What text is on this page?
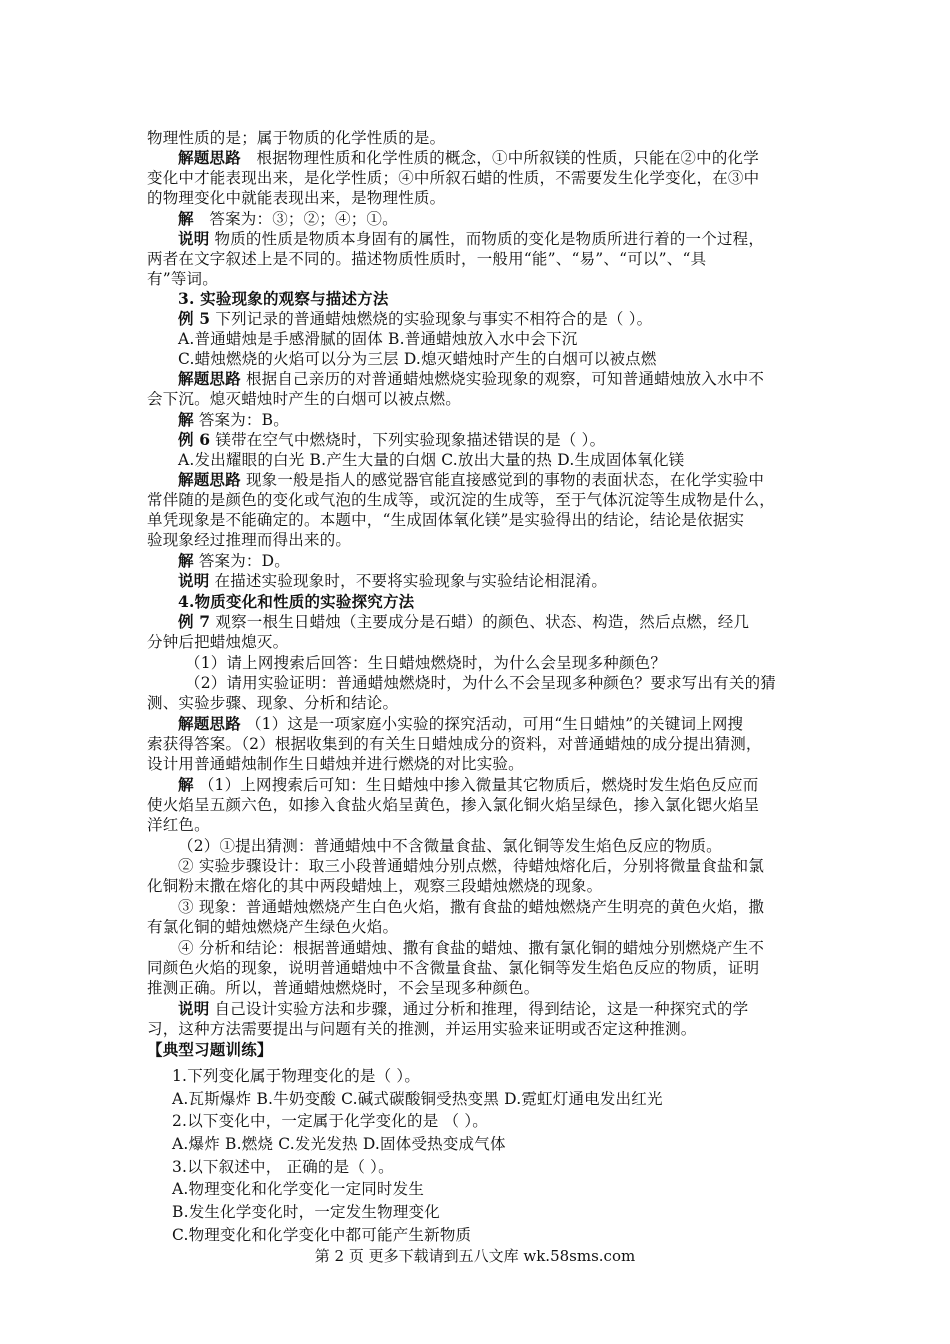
物理性质的是；属于物质的化学性质的是。
解题思路　根据物理性质和化学性质的概念，①中所叙镁的性质，只能在②中的化学
变化中才能表现出来，是化学性质；④中所叙石蜡的性质，不需要发生化学变化，在③中
的物理变化中就能表现出来，是物理性质。
解　答案为：③；②；④；①。
说明 物质的性质是物质本身固有的属性，而物质的变化是物质所进行着的一个过程，
两者在文字叙述上是不同的。描述物质性质时，一般用“能”、“易”、“可以”、“具
有”等词。
3. 实验现象的观察与描述方法
例 5 下列记录的普通蜡烛燃烧的实验现象与事实不相符合的是（ ）。
A.普通蜡烛是手感滑腻的固体 B.普通蜡烛放入水中会下沉
C.蜡烛燃烧的火焰可以分为三层 D.熄灭蜡烛时产生的白烟可以被点燃
解题思路 根据自己亲历的对普通蜡烛燃烧实验现象的观察，可知普通蜡烛放入水中不
会下沉。熄灭蜡烛时产生的白烟可以被点燃。
解 答案为：B。
例 6 镁带在空气中燃烧时，下列实验现象描述错误的是（ ）。
A.发出耀眼的白光 B.产生大量的白烟 C.放出大量的热 D.生成固体氧化镁
解题思路 现象一般是指人的感觉器官能直接感觉到的事物的表面状态，在化学实验中
常伴随的是颜色的变化或气泡的生成等，或沉淀的生成等，至于气体沉淀等生成物是什么，
单凭现象是不能确定的。本题中，“生成固体氧化镁”是实验得出的结论，结论是依据实
验现象经过推理而得出来的。
解 答案为：D。
说明 在描述实验现象时，不要将实验现象与实验结论相混淆。
4.物质变化和性质的实验探究方法
例 7 观察一根生日蜡烛（主要成分是石蜡）的颜色、状态、构造，然后点燃，经几
分钟后把蜡烛熄灭。
（1）请上网搜索后回答：生日蜡烛燃烧时，为什么会呈现多种颜色？
（2）请用实验证明：普通蜡烛燃烧时，为什么不会呈现多种颜色？要求写出有关的猜
测、实验步骤、现象、分析和结论。
解题思路 （1）这是一项家庭小实验的探究活动，可用“生日蜡烛”的关键词上网搜
索获得答案。（2）根据收集到的有关生日蜡烛成分的资料，对普通蜡烛的成分提出猜测，
设计用普通蜡烛制作生日蜡烛并进行燃烧的对比实验。
解 （1）上网搜索后可知：生日蜡烛中掺入微量其它物质后，燃烧时发生焰色反应而
使火焰呈五颜六色，如掺入食盐火焰呈黄色，掺入氯化铜火焰呈绿色，掺入氯化锶火焰呈
洋红色。
（2）①提出猜测：普通蜡烛中不含微量食盐、氯化铜等发生焰色反应的物质。
② 实验步骤设计：取三小段普通蜡烛分别点燃，待蜡烛熔化后，分别将微量食盐和氯
化铜粉末撒在熔化的其中两段蜡烛上，观察三段蜡烛燃烧的现象。
③ 现象：普通蜡烛燃烧产生白色火焰，撒有食盐的蜡烛燃烧产生明亮的黄色火焰，撒
有氯化铜的蜡烛燃烧产生绿色火焰。
④ 分析和结论：根据普通蜡烛、撒有食盐的蜡烛、撒有氯化铜的蜡烛分别燃烧产生不
同颜色火焰的现象，说明普通蜡烛中不含微量食盐、氯化铜等发生焰色反应的物质，证明
推测正确。所以，普通蜡烛燃烧时，不会呈现多种颜色。
说明 自己设计实验方法和步骤，通过分析和推理，得到结论，这是一种探究式的学
习，这种方法需要提出与问题有关的推测，并运用实验来证明或否定这种推测。
【典型习题训练】
1.下列变化属于物理变化的是（ ）。
A.瓦斯爆炸 B.牛奶变酸 C.碱式碳酸铜受热变黑 D.霓虹灯通电发出红光
2.以下变化中，一定属于化学变化的是 （ ）。
A.爆炸 B.燃烧 C.发光发热 D.固体受热变成气体
3.以下叙述中， 正确的是（ ）。
A.物理变化和化学变化一定同时发生
B.发生化学变化时，一定发生物理变化
C.物理变化和化学变化中都可能产生新物质
第 2 页 更多下载请到五八文库 wk.58sms.com
